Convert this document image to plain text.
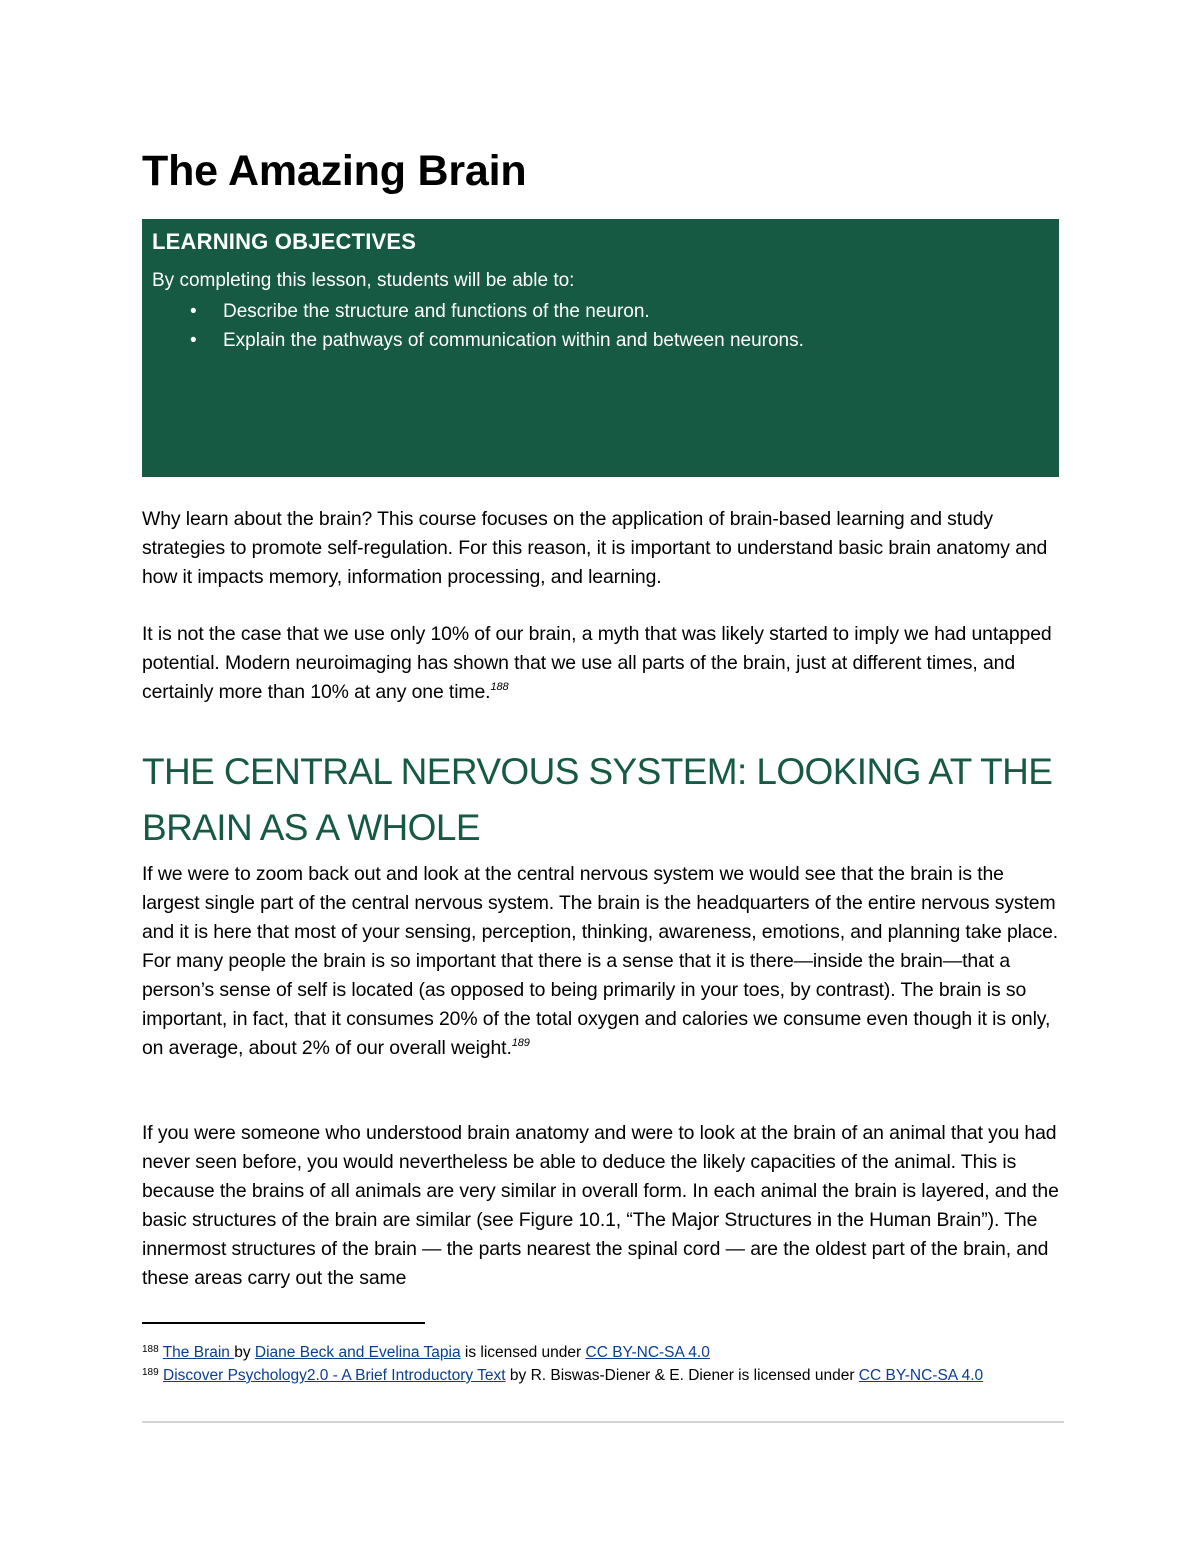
The Amazing Brain

LEARNING OBJECTIVES

By completing this lesson, students will be able to:

• Describe the structure and functions of the neuron.
• Explain the pathways of communication within and between neurons.

Why learn about the brain? This course focuses on the application of brain-based learning and study strategies to promote self-regulation. For this reason, it is important to understand basic brain anatomy and how it impacts memory, information processing, and learning.

It is not the case that we use only 10% of our brain, a myth that was likely started to imply we had untapped potential. Modern neuroimaging has shown that we use all parts of the brain, just at different times, and certainly more than 10% at any one time.$^{188}$

THE CENTRAL NERVOUS SYSTEM: LOOKING AT THE BRAIN AS A WHOLE

If we were to zoom back out and look at the central nervous system we would see that the brain is the largest single part of the central nervous system. The brain is the headquarters of the entire nervous system and it is here that most of your sensing, perception, thinking, awareness, emotions, and planning take place. For many people the brain is so important that there is a sense that it is there—inside the brain—that a person’s sense of self is located (as opposed to being primarily in your toes, by contrast). The brain is so important, in fact, that it consumes 20% of the total oxygen and calories we consume even though it is only, on average, about 2% of our overall weight.$^{189}$

If you were someone who understood brain anatomy and were to look at the brain of an animal that you had never seen before, you would nevertheless be able to deduce the likely capacities of the animal. This is because the brains of all animals are very similar in overall form. In each animal the brain is layered, and the basic structures of the brain are similar (see Figure 10.1, “The Major Structures in the Human Brain”). The innermost structures of the brain — the parts nearest the spinal cord — are the oldest part of the brain, and these areas carry out the same

$^{188}$ The Brain by Diane Beck and Evelina Tapia is licensed under CC BY-NC-SA 4.0

$^{189}$ Discover Psychology2.0 - A Brief Introductory Text by R. Biswas-Diener & E. Diener is licensed under CC BY-NC-SA 4.0
